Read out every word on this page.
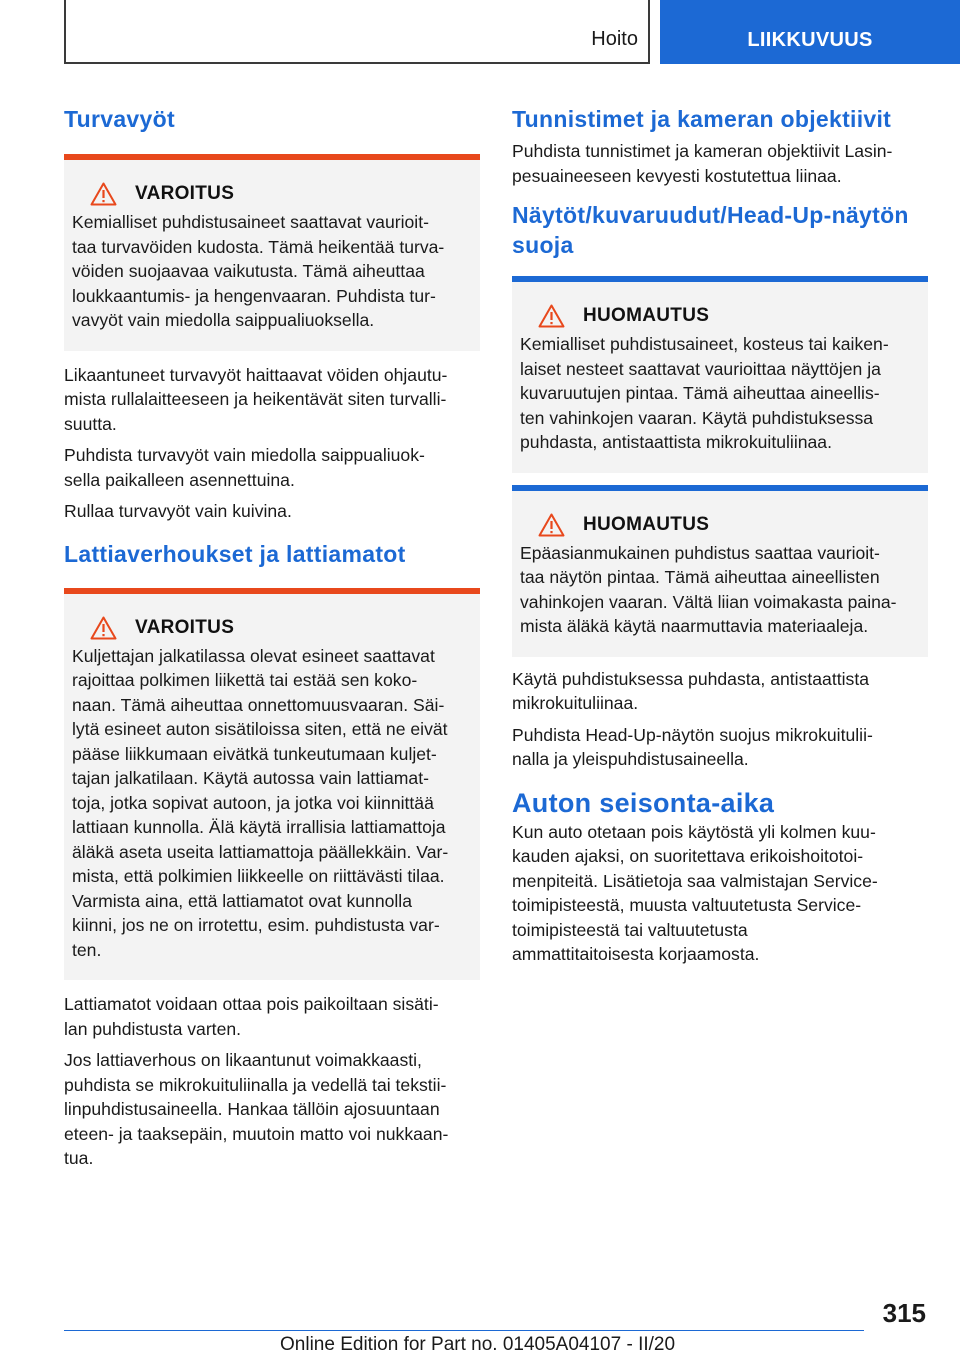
Hoito	LIIKKUVUUS
Turvavyöt
VAROITUS

Kemialliset puhdistusaineet saattavat vaurioit‐
taa turvavöiden kudosta. Tämä heikentää turva‐
vöiden suojaavaa vaikutusta. Tämä aiheuttaa
loukkaantumis- ja hengenvaaran. Puhdista tur‐
vavyöt vain miedolla saippualiuoksella.

Likaantuneet turvavyöt haittaavat vöiden ohjautu‐
mista rullalaitteeseen ja heikentävät siten turvalli‐
suutta.

Puhdista turvavyöt vain miedolla saippualiuok‐
sella paikalleen asennettuina.

Rullaa turvavyöt vain kuivina.

Lattiaverhoukset ja lattiamatot
VAROITUS

Kuljettajan jalkatilassa olevat esineet saattavat
rajoittaa polkimen liikettä tai estää sen koko‐
naan. Tämä aiheuttaa onnettomuusvaaran. Säi‐
lytä esineet auton sisätiloissa siten, että ne eivät
pääse liikkumaan eivätkä tunkeutumaan kuljet‐
tajan jalkatilaan. Käytä autossa vain lattiamat‐
toja, jotka sopivat autoon, ja jotka voi kiinnittää
lattiaan kunnolla. Älä käytä irrallisia lattiamattoja
äläkä aseta useita lattiamattoja päällekkäin. Var‐
mista, että polkimien liikkeelle on riittävästi tilaa.
Varmista aina, että lattiamatot ovat kunnolla
kiinni, jos ne on irrotettu, esim. puhdistusta var‐
ten.

Lattiamatot voidaan ottaa pois paikoiltaan sisäti‐
lan puhdistusta varten.

Jos lattiaverhous on likaantunut voimakkaasti,
puhdista se mikrokuituliinalla ja vedellä tai tekstii‐
linpuhdistusaineella. Hankaa tällöin ajosuuntaan
eteen- ja taaksepäin, muutoin matto voi nukkaan‐
tua.

Tunnistimet ja kameran objektiivit

Puhdista tunnistimet ja kameran objektiivit Lasin‐
pesuaineeseen kevyesti kostutettua liinaa.

Näytöt/kuvaruudut/Head-Up-näytön
suoja
HUOMAUTUS

Kemialliset puhdistusaineet, kosteus tai kaiken‐
laiset nesteet saattavat vaurioittaa näyttöjen ja
kuvaruutujen pintaa. Tämä aiheuttaa aineellis‐
ten vahinkojen vaaran. Käytä puhdistuksessa
puhdasta, antistaattista mikrokuituliinaa.

HUOMAUTUS

Epäasianmukainen puhdistus saattaa vaurioit‐
taa näytön pintaa. Tämä aiheuttaa aineellisten
vahinkojen vaaran. Vältä liian voimakasta paina‐
mista äläkä käytä naarmuttavia materiaaleja.

Käytä puhdistuksessa puhdasta, antistaattista
mikrokuituliinaa.

Puhdista Head-Up-näytön suojus mikrokuitulii‐
nalla ja yleispuhdistusaineella.

Auton seisonta-aika

Kun auto otetaan pois käytöstä yli kolmen kuu‐
kauden ajaksi, on suoritettava erikoishoitotoi‐
menpiteitä. Lisätietoja saa valmistajan Service-
toimipisteestä, muusta valtuutetusta Service-
toimipisteestä tai valtuutetusta
ammattitaitoisesta korjaamosta.

315
Online Edition for Part no. 01405A04107 - II/20
